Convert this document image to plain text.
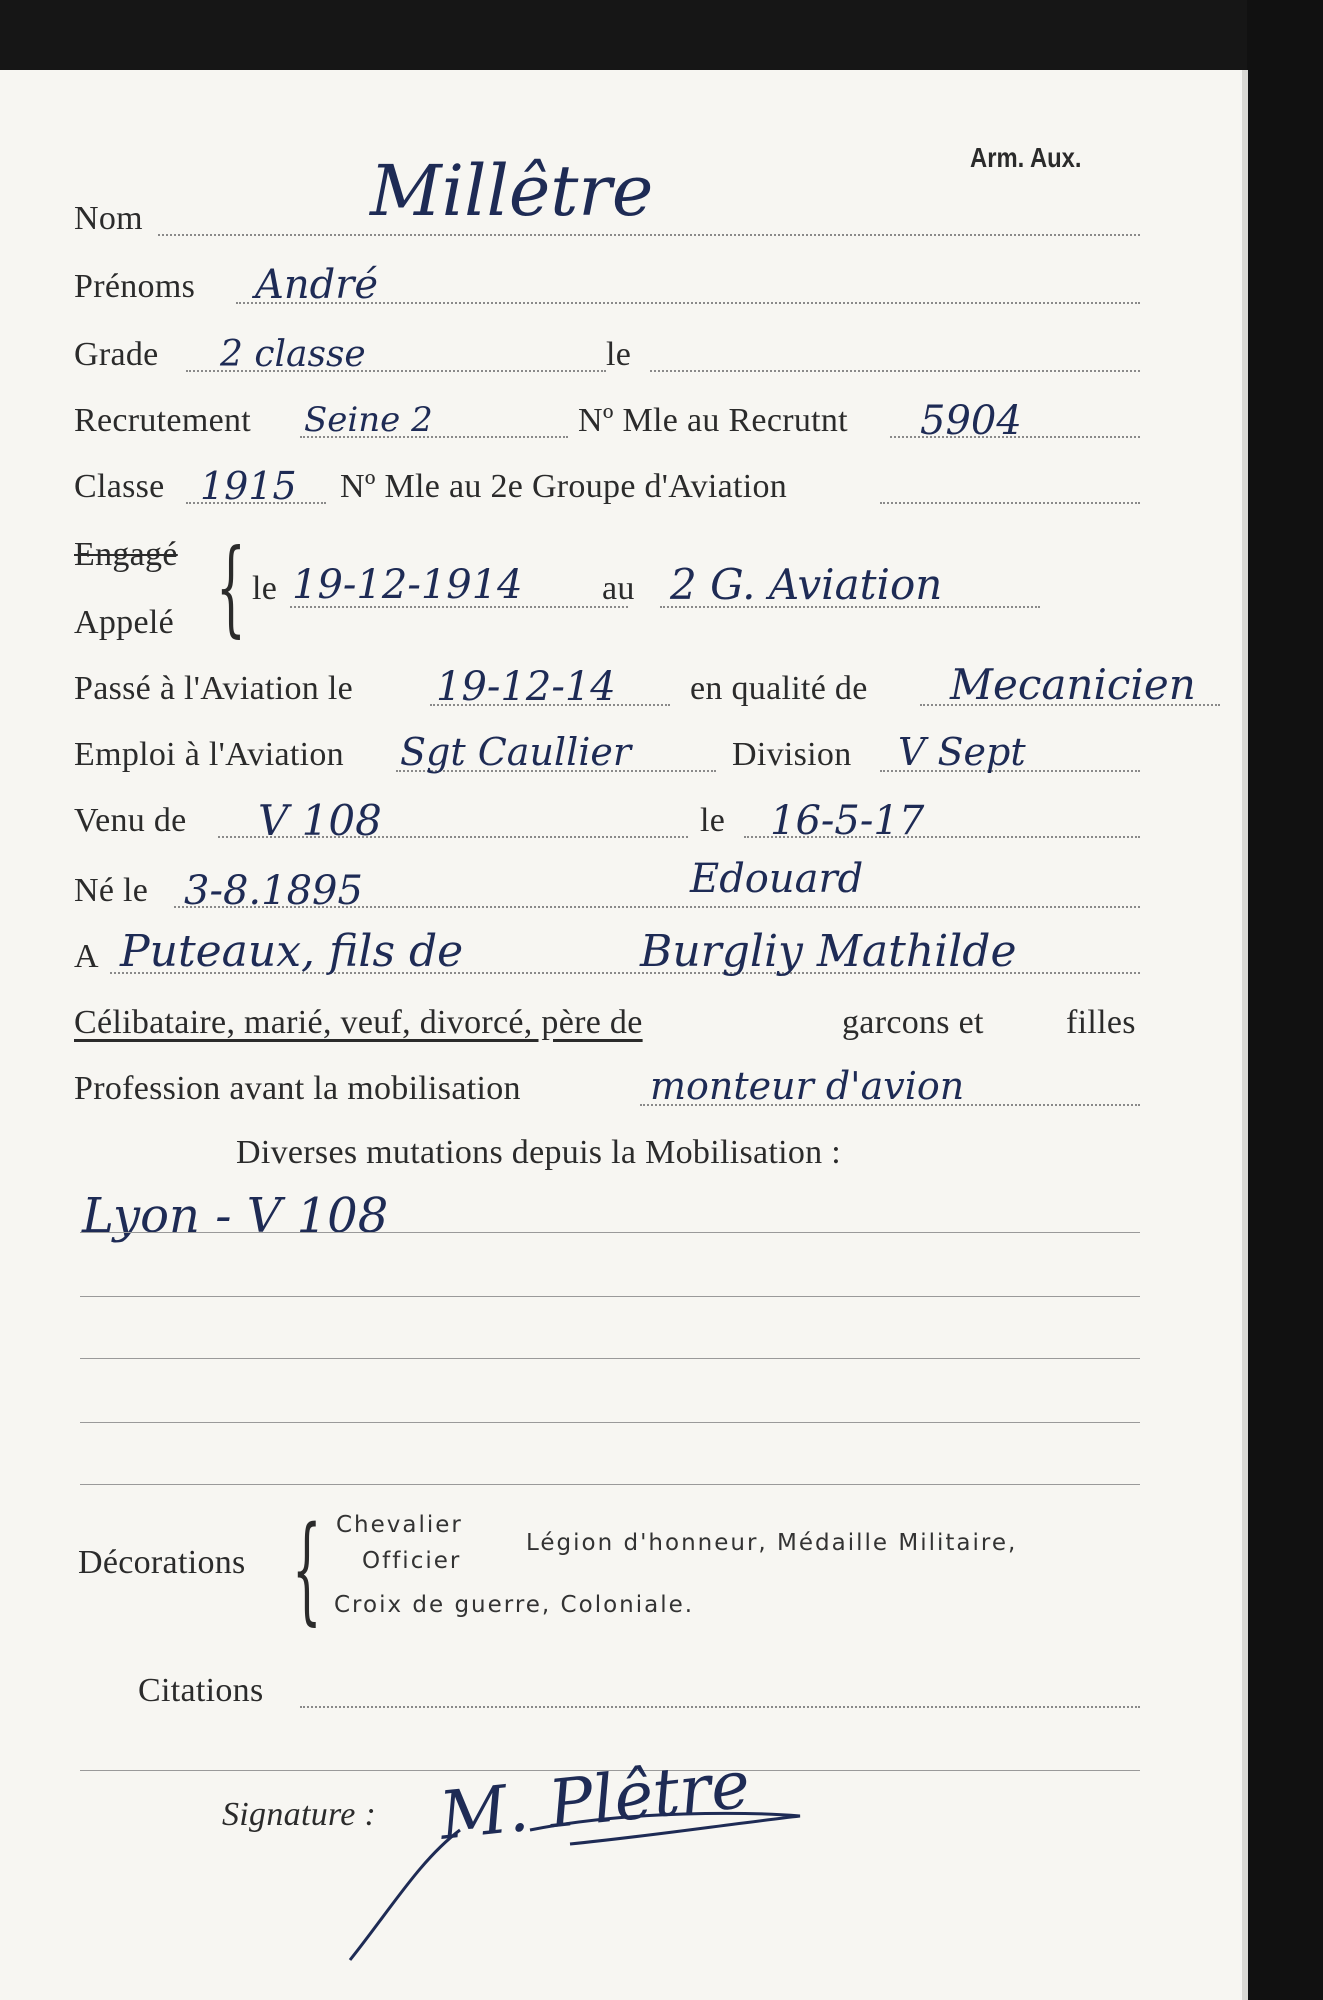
Arm. Aux.
Nom	Millêtre
Prénoms André
Grade 2 classe	le
Recrutement Seine 2	Nº Mle au Recrutnt 5904
Classe 1915 Nº Mle au 2e Groupe d'Aviation
Engagé
Appelé { le 19-12-1914 au 2 G. Aviation
Passé à l'Aviation le 19-12-14 en qualité de Mecanicien
Emploi à l'Aviation Sgt Caullier	Division V Sept
Venu de V 108	le 16-5-17
Né le 3-8.1895	Edouard
A Puteaux, fils de	Burgliy Mathilde
Célibataire, marié, veuf, divorcé, père de	garcons et filles
Profession avant la mobilisation	monteur d'avion
Diverses mutations depuis la Mobilisation :
Lyon - V 108
Décorations { Chevalier
Officier
Légion d'honneur, Médaille Militaire,
Croix de guerre, Coloniale.
Citations
Signature : M. Plêtre
